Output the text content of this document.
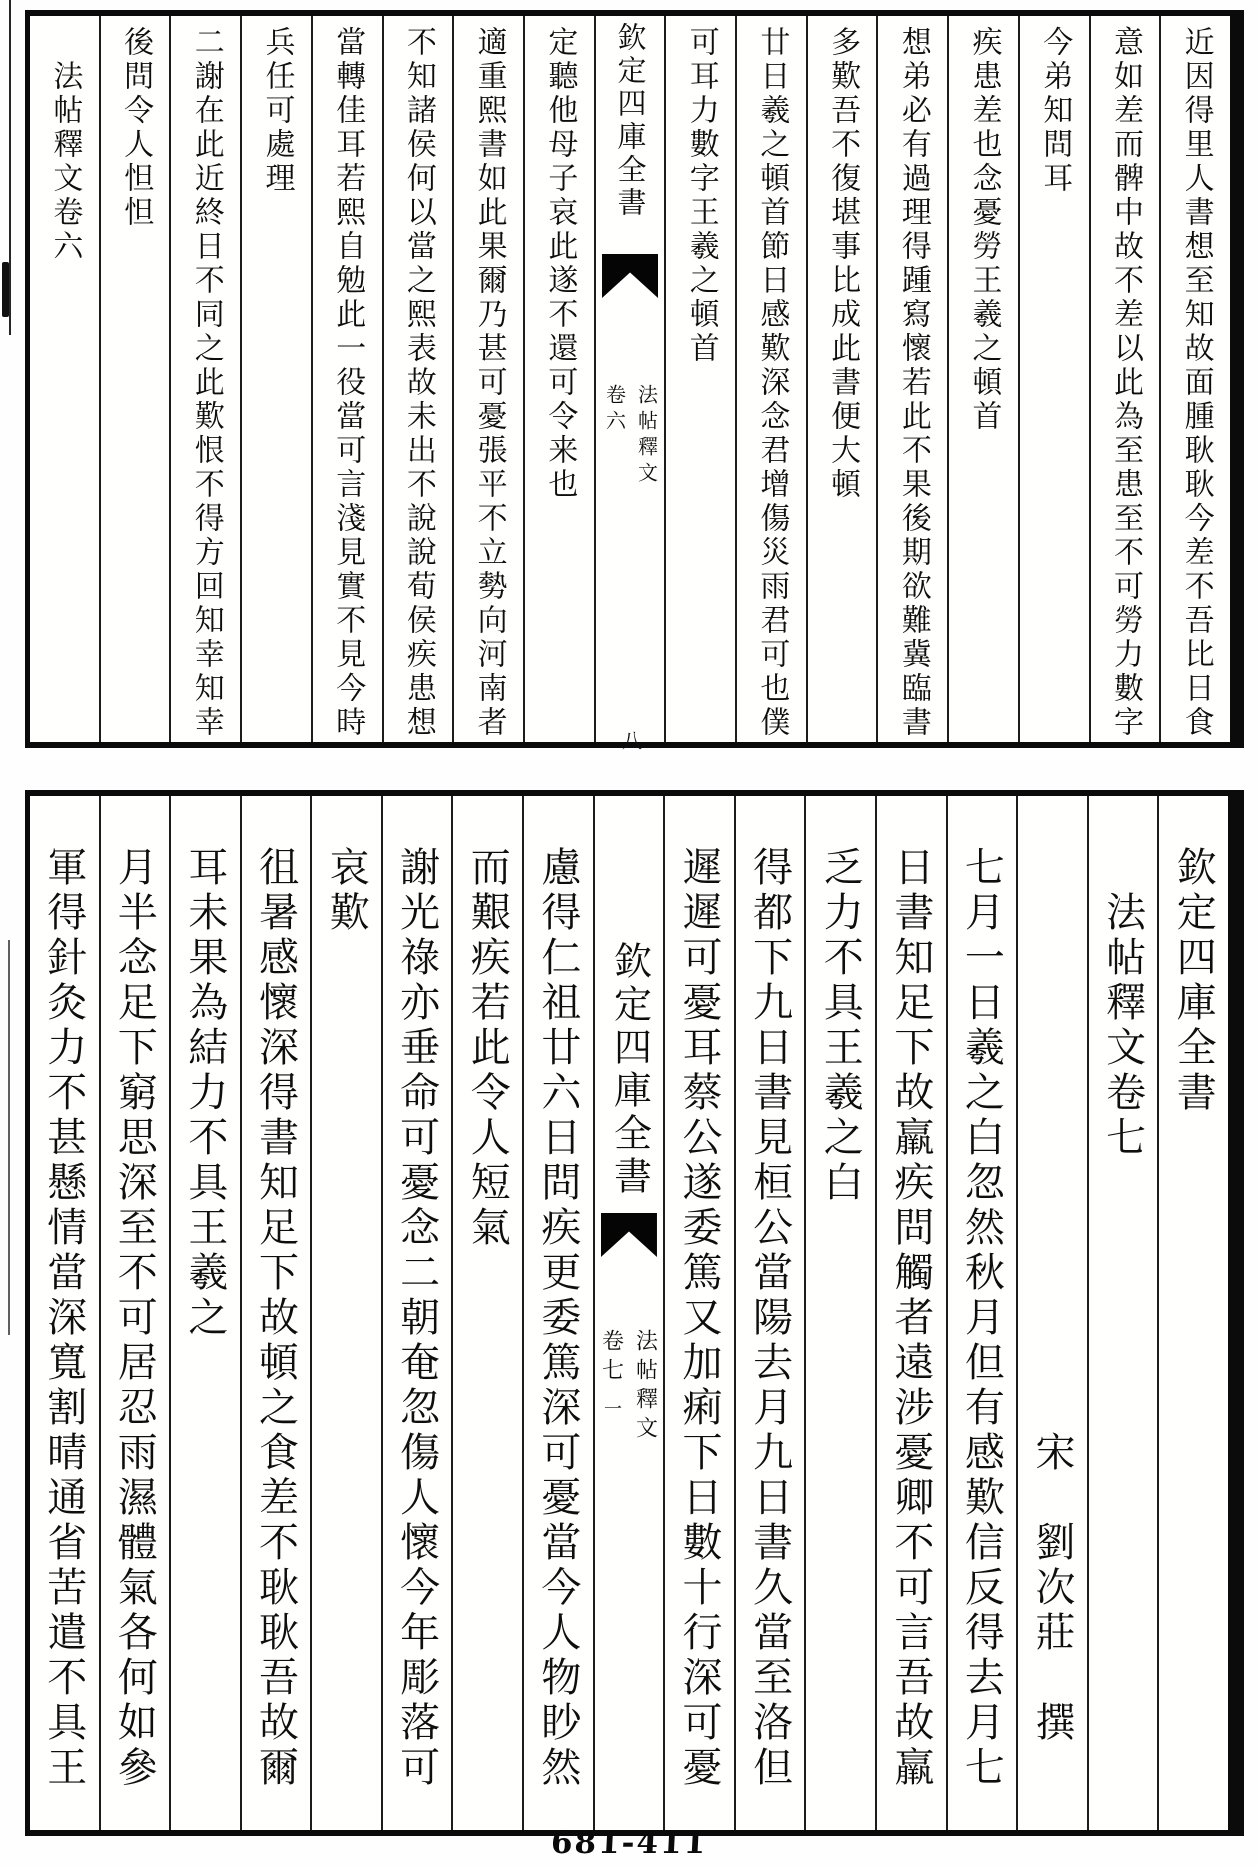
近因得里人書想至知故面腫耿耿今差不吾比日食
意如差而髀中故不差以此為至患至不可勞力數字
今弟知問耳
疾患差也念憂勞王羲之頓首
想弟必有過理得踵寫懷若此不果後期欲難冀臨書
多歎吾不復堪事比成此書便大頓
廿日羲之頓首節日感歎深念君增傷災雨君可也僕
可耳力數字王羲之頓首
欽定四庫全書
法帖釋文
卷六
八
定聽他母子哀此遂不還可令来也
適重熙書如此果爾乃甚可憂張平不立勢向河南者
不知諸侯何以當之熙表故未出不說說荀侯疾患想
當轉佳耳若熙自勉此一役當可言淺見實不見今時
兵任可處理
二謝在此近終日不同之此歎恨不得方回知幸知幸
後問令人怛怛
法帖釋文卷六
欽定四庫全書
法帖釋文卷七
宋　劉次莊　撰
七月一日羲之白忽然秋月但有感歎信反得去月七
日書知足下故羸疾問觸者遠涉憂卿不可言吾故羸
乏力不具王羲之白
得都下九日書見桓公當陽去月九日書久當至洛但
遲遲可憂耳蔡公遂委篤又加痢下日數十行深可憂
欽定四庫全書
法帖釋文
卷七
一
慮得仁祖廿六日問疾更委篤深可憂當今人物眇然
而艱疾若此令人短氣
謝光祿亦垂命可憂念二朝奄忽傷人懷今年彫落可
哀歎
徂暑感懷深得書知足下故頓之食差不耿耿吾故爾
耳未果為結力不具王羲之
月半念足下窮思深至不可居忍雨濕體氣各何如參
軍得針灸力不甚懸情當深寬割晴通省苦遣不具王
681-411
